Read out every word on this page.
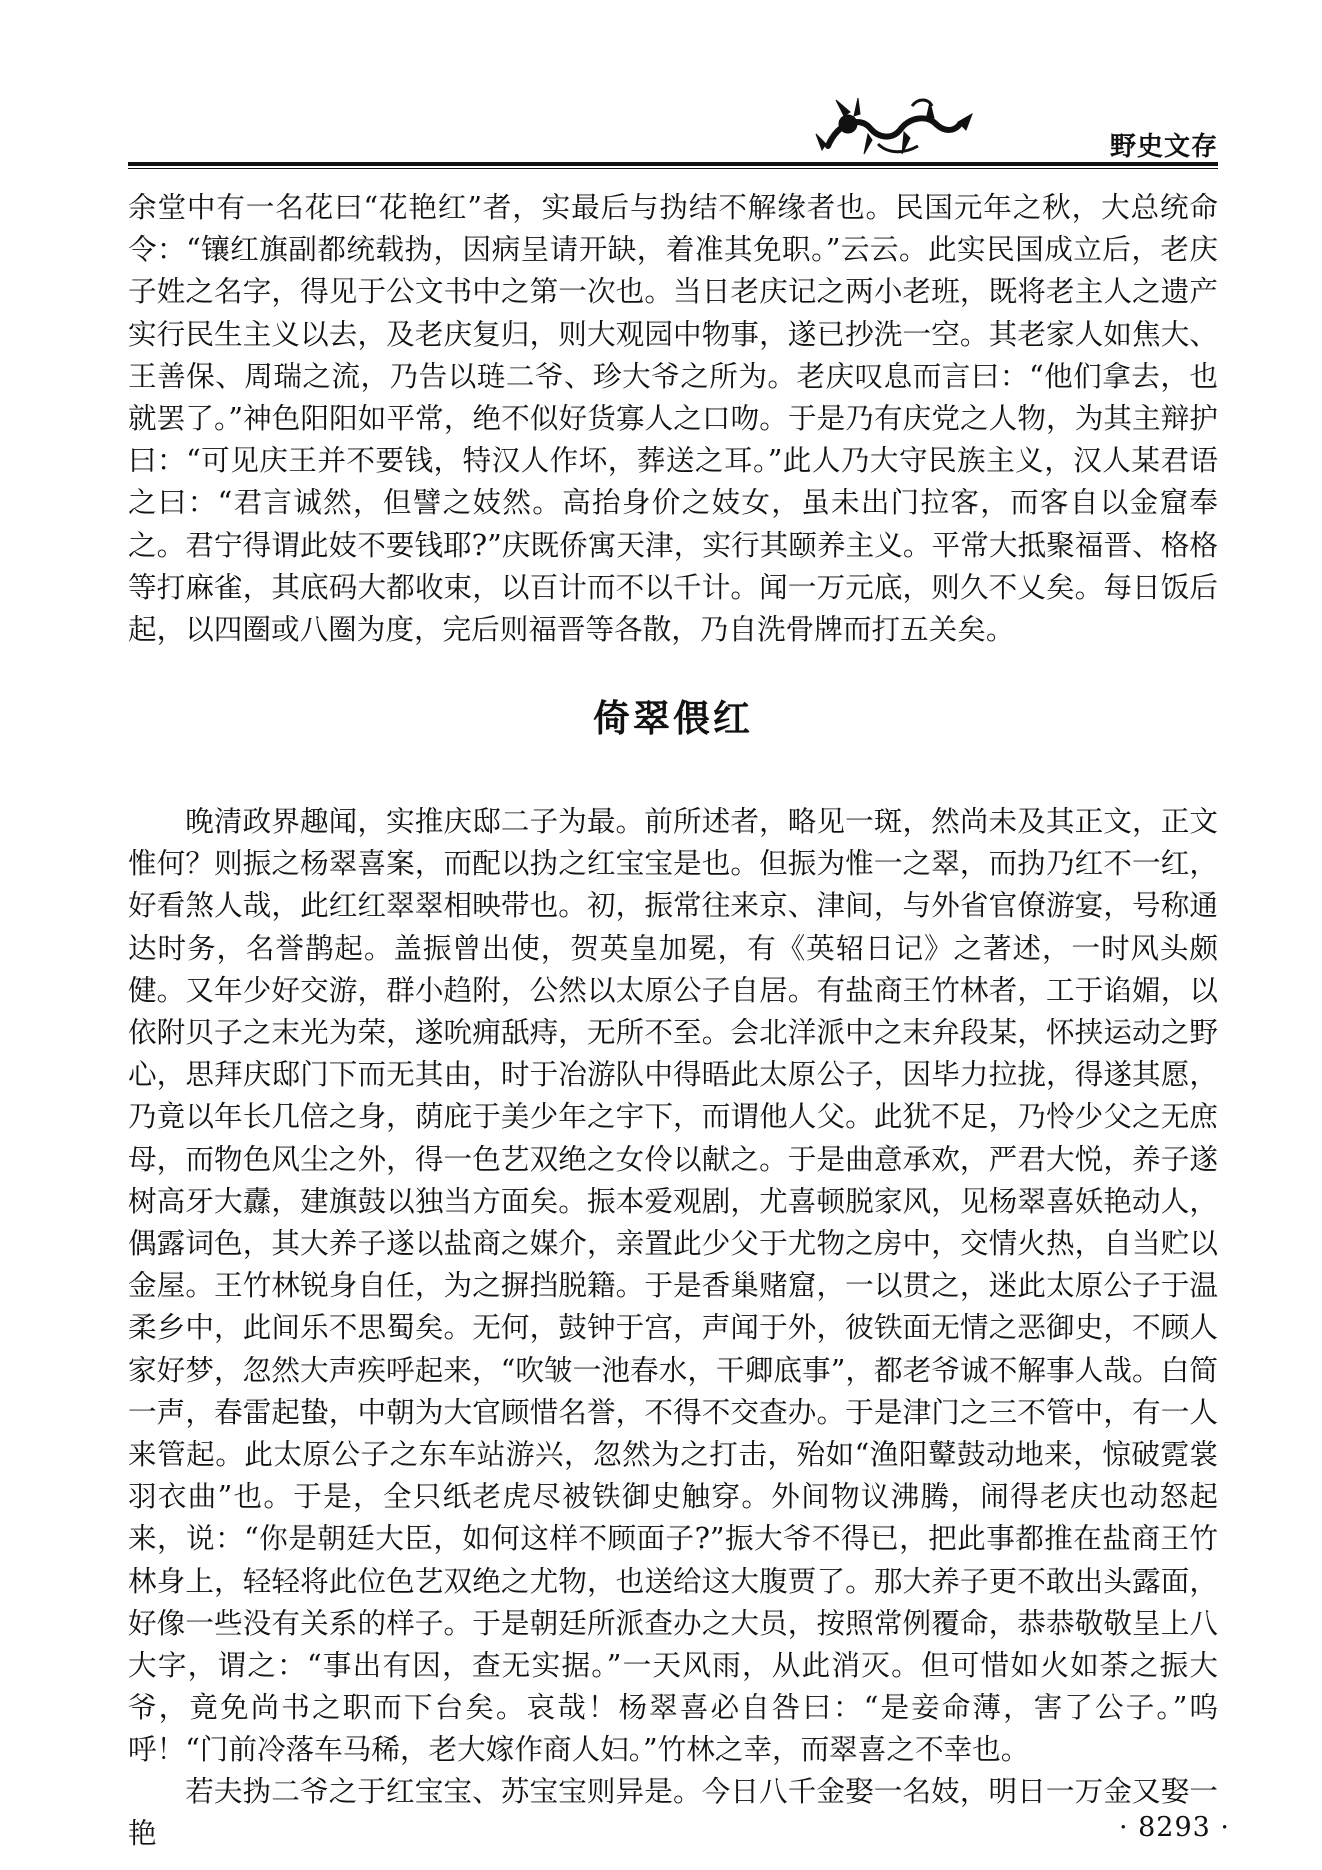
野史文存

余堂中有一名花曰“花艳红”者，实最后与㧑结不解缘者也。民国元年之秋，大总统命令：“镶红旗副都统载㧑，因病呈请开缺，着准其免职。”云云。此实民国成立后，老庆子姓之名字，得见于公文书中之第一次也。当日老庆记之两小老班，既将老主人之遗产实行民生主义以去，及老庆复归，则大观园中物事，遂已抄洗一空。其老家人如焦大、王善保、周瑞之流，乃告以琏二爷、珍大爷之所为。老庆叹息而言曰：“他们拿去，也就罢了。”神色阳阳如平常，绝不似好货寡人之口吻。于是乃有庆党之人物，为其主辩护曰：“可见庆王并不要钱，特汉人作坏，葬送之耳。”此人乃大守民族主义，汉人某君语之曰：“君言诚然，但譬之妓然。高抬身价之妓女，虽未出门拉客，而客自以金窟奉之。君宁得谓此妓不要钱耶?”庆既侨寓天津，实行其颐养主义。平常大抵聚福晋、格格等打麻雀，其底码大都收束，以百计而不以千计。闻一万元底，则久不乂矣。每日饭后起，以四圈或八圈为度，完后则福晋等各散，乃自洗骨牌而打五关矣。

倚翠偎红

晚清政界趣闻，实推庆邸二子为最。前所述者，略见一斑，然尚未及其正文，正文惟何？则振之杨翠喜案，而配以㧑之红宝宝是也。但振为惟一之翠，而㧑乃红不一红，好看煞人哉，此红红翠翠相映带也。初，振常往来京、津间，与外省官僚游宴，号称通达时务，名誉鹊起。盖振曾出使，贺英皇加冕，有《英轺日记》之著述，一时风头颇健。又年少好交游，群小趋附，公然以太原公子自居。有盐商王竹林者，工于谄媚，以依附贝子之末光为荣，遂吮痈舐痔，无所不至。会北洋派中之末弁段某，怀挟运动之野心，思拜庆邸门下而无其由，时于冶游队中得晤此太原公子，因毕力拉拢，得遂其愿，乃竟以年长几倍之身，荫庇于美少年之宇下，而谓他人父。此犹不足，乃怜少父之无庶母，而物色风尘之外，得一色艺双绝之女伶以献之。于是曲意承欢，严君大悦，养子遂树高牙大纛，建旗鼓以独当方面矣。振本爱观剧，尤喜顿脱家风，见杨翠喜妖艳动人，偶露词色，其大养子遂以盐商之媒介，亲置此少父于尤物之房中，交情火热，自当贮以金屋。王竹林锐身自任，为之摒挡脱籍。于是香巢赌窟，一以贯之，迷此太原公子于温柔乡中，此间乐不思蜀矣。无何，鼓钟于宫，声闻于外，彼铁面无情之恶御史，不顾人家好梦，忽然大声疾呼起来，“吹皱一池春水，干卿底事”，都老爷诚不解事人哉。白简一声，春雷起蛰，中朝为大官顾惜名誉，不得不交查办。于是津门之三不管中，有一人来管起。此太原公子之东车站游兴，忽然为之打击，殆如“渔阳鼙鼓动地来，惊破霓裳羽衣曲”也。于是，全只纸老虎尽被铁御史触穿。外间物议沸腾，闹得老庆也动怒起来，说：“你是朝廷大臣，如何这样不顾面子?”振大爷不得已，把此事都推在盐商王竹林身上，轻轻将此位色艺双绝之尤物，也送给这大腹贾了。那大养子更不敢出头露面，好像一些没有关系的样子。于是朝廷所派查办之大员，按照常例覆命，恭恭敬敬呈上八大字，谓之：“事出有因，查无实据。”一天风雨，从此消灭。但可惜如火如荼之振大爷，竟免尚书之职而下台矣。哀哉！杨翠喜必自咎曰：“是妾命薄，害了公子。”呜呼！“门前冷落车马稀，老大嫁作商人妇。”竹林之幸，而翠喜之不幸也。

若夫㧑二爷之于红宝宝、苏宝宝则异是。今日八千金娶一名妓，明日一万金又娶一艳	· 8293 ·
